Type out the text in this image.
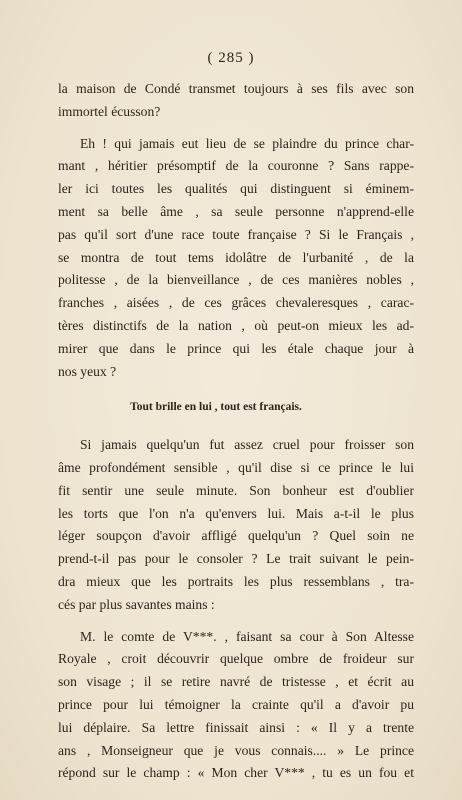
( 285 )
la maison de Condé transmet toujours à ses fils avec son
immortel écusson?
Eh ! qui jamais eut lieu de se plaindre du prince char-
mant , héritier présomptif de la couronne ? Sans rappe-
ler ici toutes les qualités qui distinguent si éminem-
ment sa belle âme , sa seule personne n'apprend-elle
pas qu'il sort d'une race toute française ? Si le Français ,
se montra de tout tems idolâtre de l'urbanité , de la
politesse , de la bienveillance , de ces manières nobles ,
franches , aisées , de ces grâces chevaleresques , carac-
tères distinctifs de la nation , où peut-on mieux les ad-
mirer que dans le prince qui les étale chaque jour à
nos yeux ?
Tout brille en lui , tout est français.
Si jamais quelqu'un fut assez cruel pour froisser son
âme profondément sensible , qu'il dise si ce prince le lui
fit sentir une seule minute. Son bonheur est d'oublier
les torts que l'on n'a qu'envers lui. Mais a-t-il le plus
léger soupçon d'avoir affligé quelqu'un ? Quel soin ne
prend-t-il pas pour le consoler ? Le trait suivant le pein-
dra mieux que les portraits les plus ressemblans , tra-
cés par plus savantes mains :
M. le comte de V***. , faisant sa cour à Son Altesse
Royale , croit découvrir quelque ombre de froideur sur
son visage ; il se retire navré de tristesse , et écrit au
prince pour lui témoigner la crainte qu'il a d'avoir pu
lui déplaire. Sa lettre finissait ainsi : « Il y a trente
ans , Monseigneur que je vous connais.... » Le prince
répond sur le champ : « Mon cher V*** , tu es un fou et
